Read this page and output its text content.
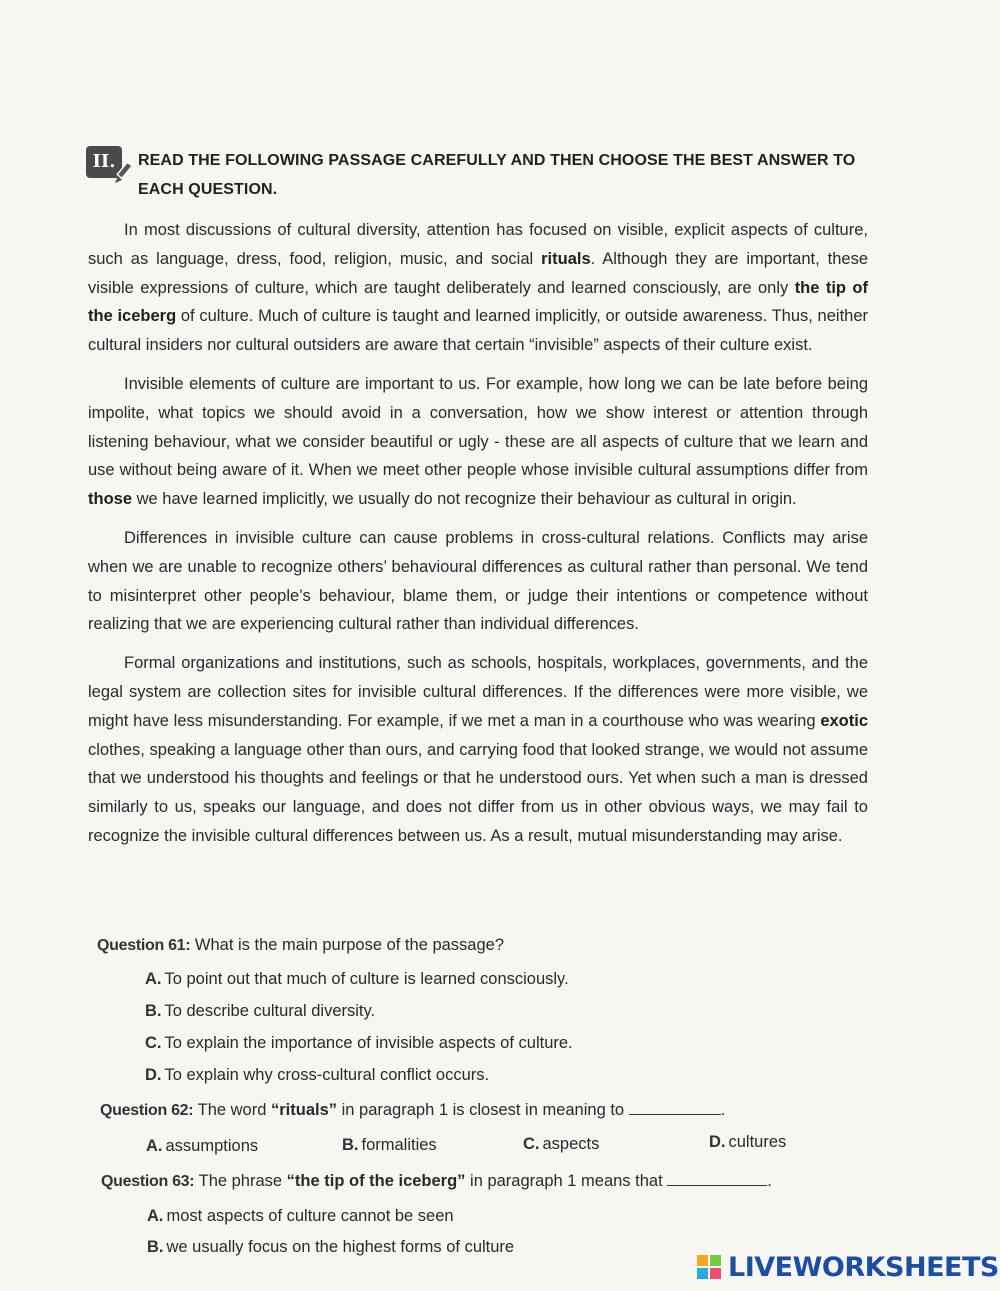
II.	READ THE FOLLOWING PASSAGE CAREFULLY AND THEN CHOOSE THE BEST ANSWER TO EACH QUESTION.

In most discussions of cultural diversity, attention has focused on visible, explicit aspects of culture, such as language, dress, food, religion, music, and social rituals. Although they are important, these visible expressions of culture, which are taught deliberately and learned consciously, are only the tip of the iceberg of culture. Much of culture is taught and learned implicitly, or outside awareness. Thus, neither cultural insiders nor cultural outsiders are aware that certain “invisible” aspects of their culture exist.

Invisible elements of culture are important to us. For example, how long we can be late before being impolite, what topics we should avoid in a conversation, how we show interest or attention through listening behaviour, what we consider beautiful or ugly - these are all aspects of culture that we learn and use without being aware of it. When we meet other people whose invisible cultural assumptions differ from those we have learned implicitly, we usually do not recognize their behaviour as cultural in origin.

Differences in invisible culture can cause problems in cross-cultural relations. Conflicts may arise when we are unable to recognize others’ behavioural differences as cultural rather than personal. We tend to misinterpret other people’s behaviour, blame them, or judge their intentions or competence without realizing that we are experiencing cultural rather than individual differences.

Formal organizations and institutions, such as schools, hospitals, workplaces, governments, and the legal system are collection sites for invisible cultural differences. If the differences were more visible, we might have less misunderstanding. For example, if we met a man in a courthouse who was wearing exotic clothes, speaking a language other than ours, and carrying food that looked strange, we would not assume that we understood his thoughts and feelings or that he understood ours. Yet when such a man is dressed similarly to us, speaks our language, and does not differ from us in other obvious ways, we may fail to recognize the invisible cultural differences between us. As a result, mutual misunderstanding may arise.

Question 61: What is the main purpose of the passage?
A. To point out that much of culture is learned consciously.
B. To describe cultural diversity.
C. To explain the importance of invisible aspects of culture.
D. To explain why cross-cultural conflict occurs.
Question 62: The word “rituals” in paragraph 1 is closest in meaning to	.
A. assumptions	B. formalities	C. aspects	D. cultures
Question 63: The phrase “the tip of the iceberg” in paragraph 1 means that	.
A. most aspects of culture cannot be seen
B. we usually focus on the highest forms of culture
LIVEWORKSHEETS
